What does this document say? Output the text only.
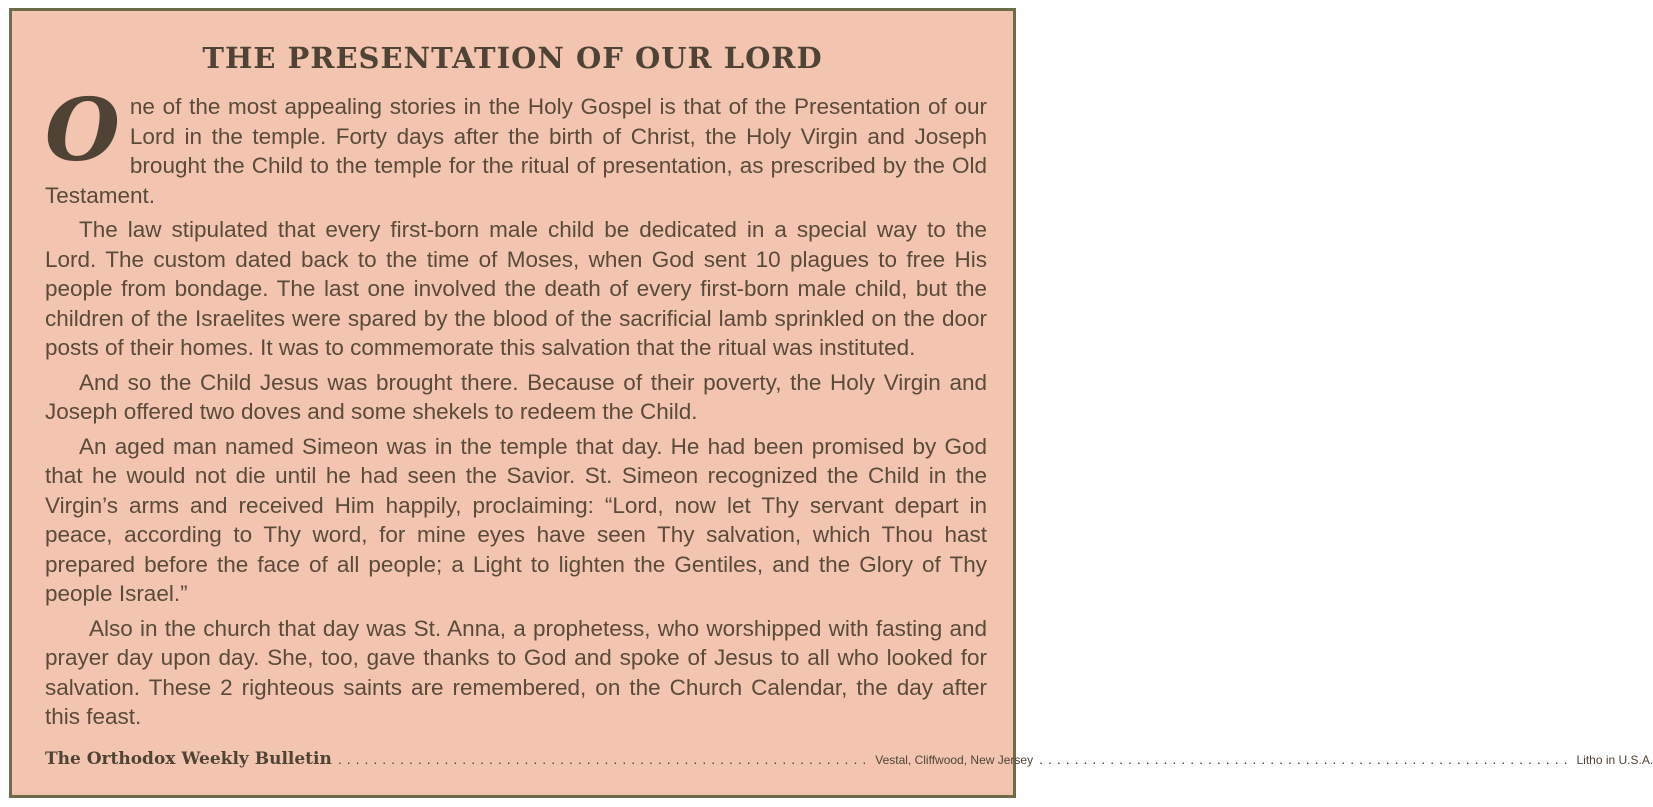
THE PRESENTATION OF OUR LORD

One of the most appealing stories in the Holy Gospel is that of the Presentation of our Lord in the temple. Forty days after the birth of Christ, the Holy Virgin and Joseph brought the Child to the temple for the ritual of presentation, as prescribed by the Old Testament.

The law stipulated that every first-born male child be dedicated in a special way to the Lord. The custom dated back to the time of Moses, when God sent 10 plagues to free His people from bondage. The last one involved the death of every first-born male child, but the children of the Israelites were spared by the blood of the sacrificial lamb sprinkled on the door posts of their homes. It was to commemorate this salvation that the ritual was instituted.

And so the Child Jesus was brought there. Because of their poverty, the Holy Virgin and Joseph offered two doves and some shekels to redeem the Child.

An aged man named Simeon was in the temple that day. He had been promised by God that he would not die until he had seen the Savior. St. Simeon recognized the Child in the Virgin’s arms and received Him happily, proclaiming: “Lord, now let Thy servant depart in peace, according to Thy word, for mine eyes have seen Thy salvation, which Thou hast prepared before the face of all people; a Light to lighten the Gentiles, and the Glory of Thy people Israel.”

Also in the church that day was St. Anna, a prophetess, who worshipped with fasting and prayer day upon day. She, too, gave thanks to God and spoke of Jesus to all who looked for salvation. These 2 righteous saints are remembered, on the Church Calendar, the day after this feast.

The Orthodox Weekly Bulletin ............................................................ Vestal, Cliffwood, New Jersey ............................................................ Litho in U.S.A.
